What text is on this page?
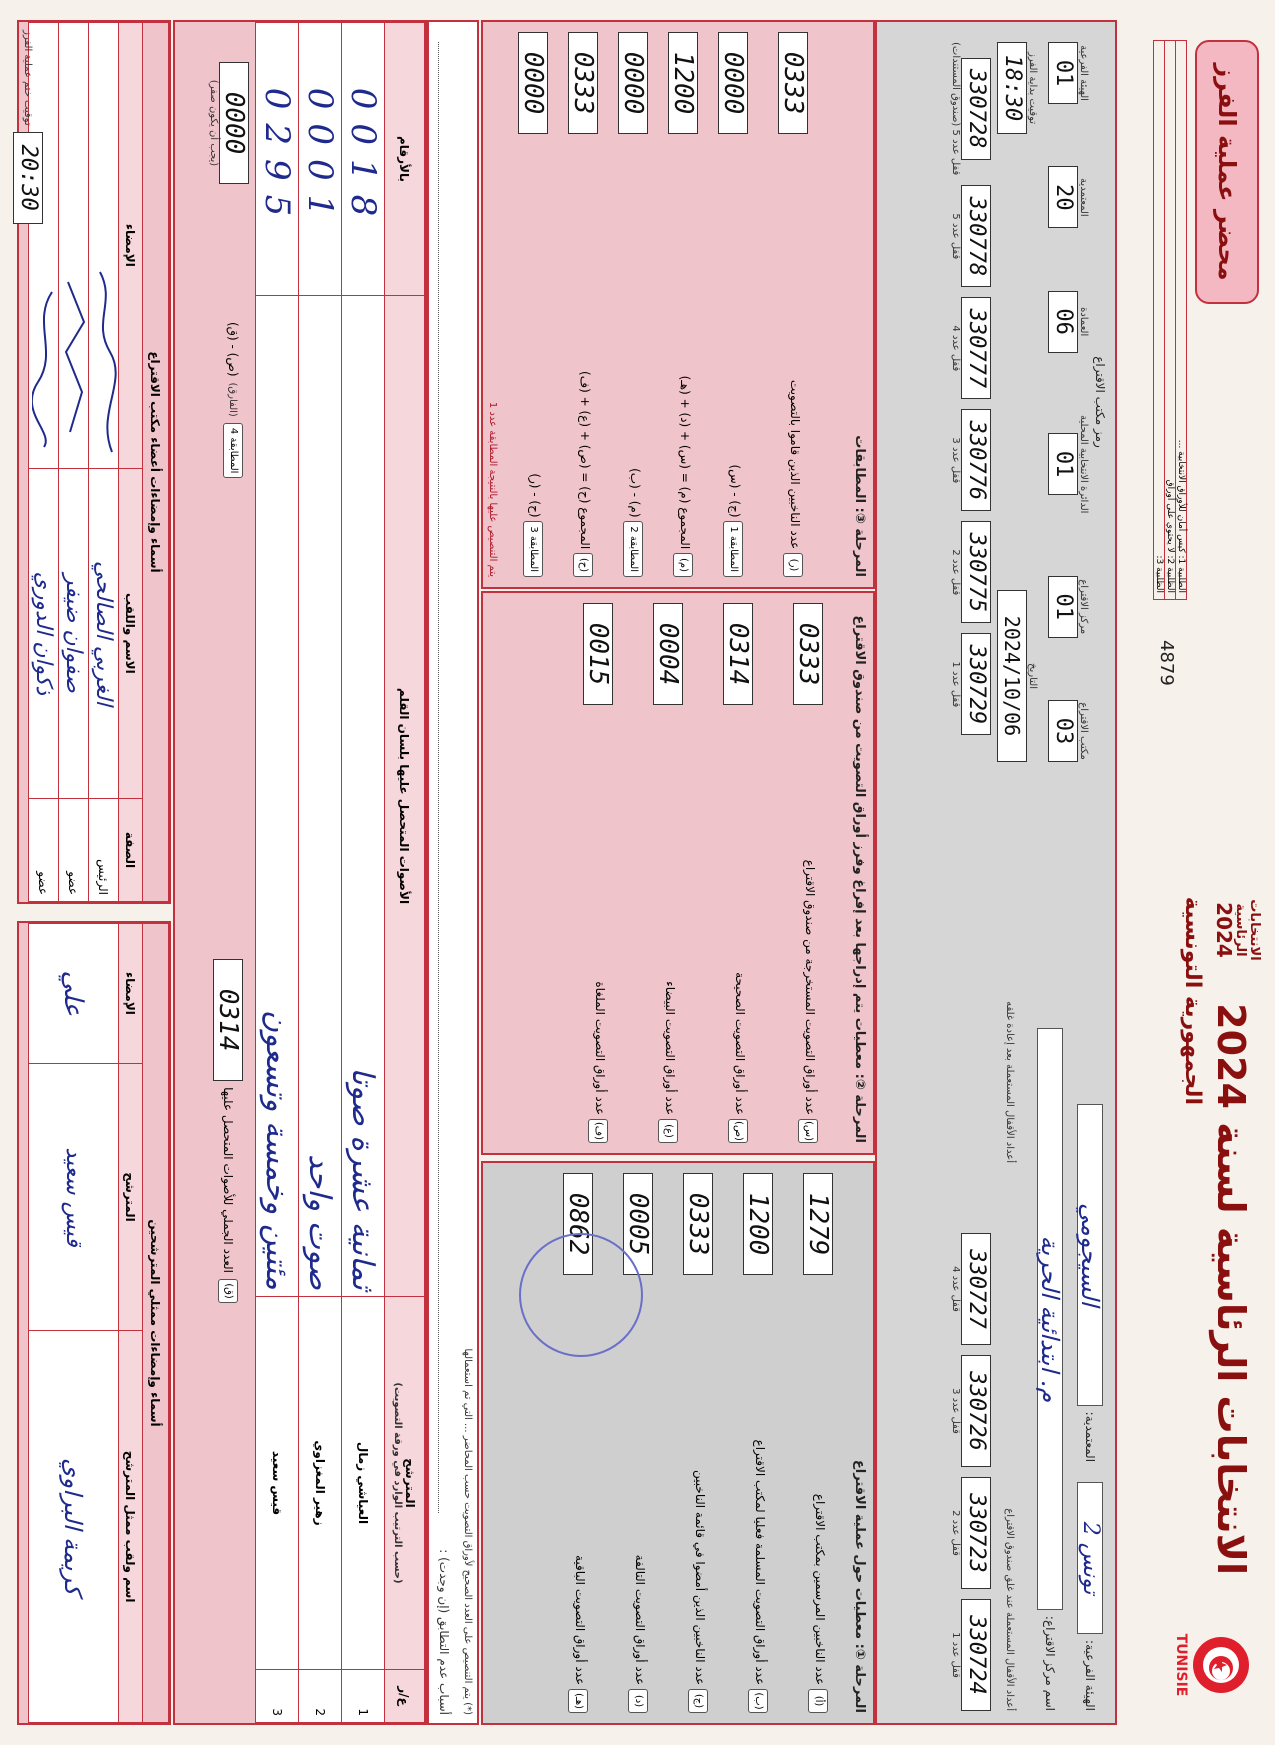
TUNISIE
الانتخابات الرئاسية لسنة 2024
الجمهورية التونسية	الانتخابات
الرئاسية
2024
4879
محضر عملية الفرز
الطلبية 1: كيس أمان للأوراق الانتخابية ...
الظلبية 2: لا يحتوي على أوراق
الظلبية 3:
الهيئة الفرعية:
تونس 2
المعتمدية:
السيجومي
اسم مركز الاقتراع:
م. ابتدائية الحرية
رمز مكتب الاقتراع
مكتب الاقتراع
03
مركز الاقتراع
01
الدائرة الانتخابية المحلية
01
العمادة
06
المعتمدية
20
الهيئة الفرعية
01
التاريخ
2024/10/06
توقيت بداية الفرز
18:30
أعداد الأقفال المستعملة عند غلق صندوق الاقتراع
330724
قفل عدد 1
330723
قفل عدد 2
330726
قفل عدد 3
330727
قفل عدد 4
أعداد الأقفال المستعملة بعد إعادة غلقه
330729
قفل عدد 1
330775
قفل عدد 2
330776
قفل عدد 3
330777
قفل عدد 4
330778
قفل عدد 5
330728
قفل عدد 5 (صندوق المستندات)
المرحلة ①: معطيات حول عملية الاقتراع
(أ) عدد الناخبين المرسمين بمكتب الاقتراع
1279
(ب) عدد أوراق التصويت المسلمة فعليا لمكتب الاقتراع
1200
(ج) عدد الناخبين الذين أمضوا في قائمة الناخبين
0333
(د) عدد أوراق التصويت التالفة
0005
(هـ) عدد أوراق التصويت الباقية
0862
المرحلة ②: معطيات يتم إدراجها بعد إفراغ وفرز أوراق التصويت من صندوق الاقتراع
(س) عدد أوراق التصويت المستخرجة من صندوق الاقتراع
0333
(ص) عدد أوراق التصويت الصحيحة
0314
(ع) عدد أوراق التصويت البيضاء
0004
(ف) عدد أوراق التصويت الملغاة
0015
المرحلة ③: المطابقات
(ر) عدد الناخبين الذين قاموا بالتصويت
0333
المطابقة 1 (ج) - (س)
0000
(م) المجموع (م) = (س) + (د) + (هـ)
1200
المطابقة 2 (م) - (ب)
0000
(ح) المجموع (ح) = (ص) + (ع) + (ف)
0333
المطابقة 3 (ح) - (ر)
0000
يتم التنصيص عليها بالنتيجة المطابقة عدد 1
(*) يتم التنصيص على العدد الصحيح لأوراق التصويت حسب المحاضر ... التي تم استعمالها
أسباب عدم التطابق (إن وجدت) :
ع/ر	المترشح
(حسب الترتيب الوارد في ورقة التصويت)	الأصوات المتحصل عليها بلسان القلم	بالأرقام
1	العياشي زمال	ثمانية عشرة صوتا	0018
2	زهير المغزاوي	صوت واحد	0001
3	قيس سعيد	مئتين وخمسة وتسعون	0295
(ق)
العدد الجملي للأصوات المتحصل عليها
0314
المطابقة 4
(الفارق)
(ص) - (ق)
0000
(يجب أن يكون صفر)
أسماء وإمضاءات ممثلي المترشحين		
اسم ولقب ممثل المترشح	المترشح	الإمضاء
كريمة البراوي	قيس سعيد	علي
أسماء وإمضاءات أعضاء مكتب الاقتراع		
الصفة	الاسم واللقب	الإمضاء
الرئيس	الغربي الصالحي	
عضو	صفوان ضيفر	
عضو	ذكوان الدوري	
20:30
توقيت ختم عملية الفرز
